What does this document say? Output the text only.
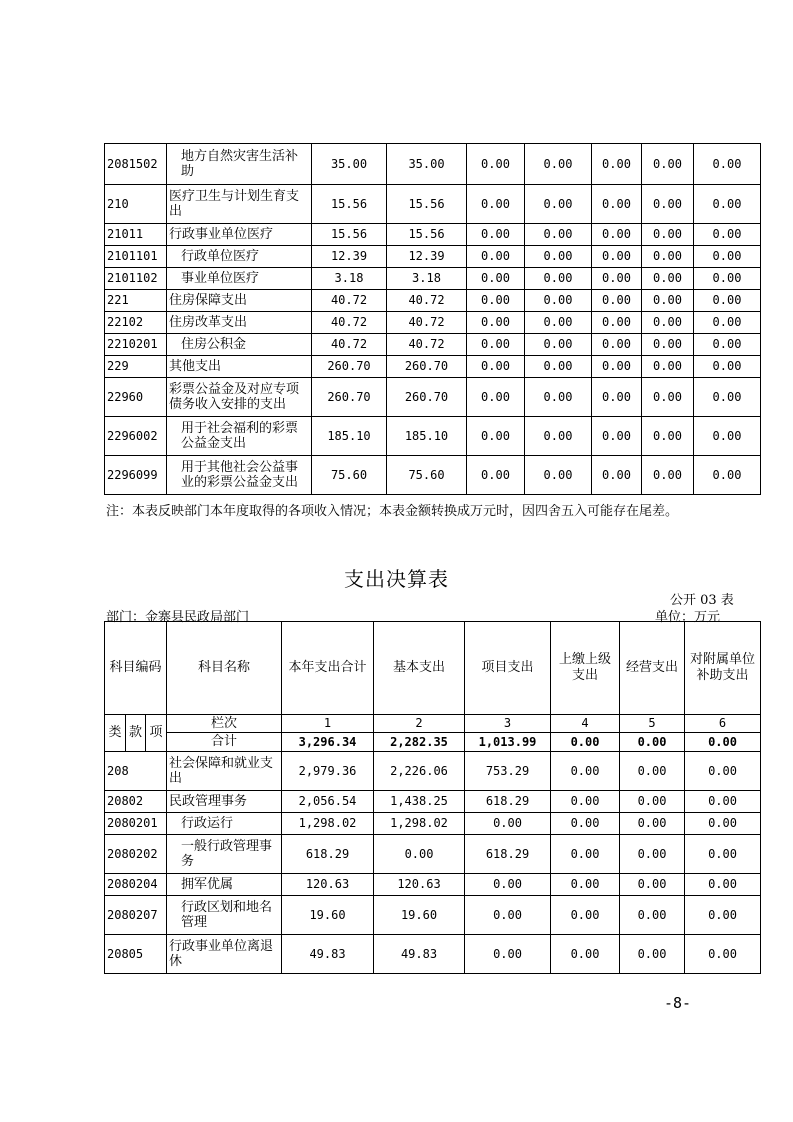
2081502	地方自然灾害生活补助	35.00	35.00	0.00	0.00	0.00	0.00	0.00
210	医疗卫生与计划生育支出	15.56	15.56	0.00	0.00	0.00	0.00	0.00
21011	行政事业单位医疗	15.56	15.56	0.00	0.00	0.00	0.00	0.00
2101101	行政单位医疗	12.39	12.39	0.00	0.00	0.00	0.00	0.00
2101102	事业单位医疗	3.18	3.18	0.00	0.00	0.00	0.00	0.00
221	住房保障支出	40.72	40.72	0.00	0.00	0.00	0.00	0.00
22102	住房改革支出	40.72	40.72	0.00	0.00	0.00	0.00	0.00
2210201	住房公积金	40.72	40.72	0.00	0.00	0.00	0.00	0.00
229	其他支出	260.70	260.70	0.00	0.00	0.00	0.00	0.00
22960	彩票公益金及对应专项债务收入安排的支出	260.70	260.70	0.00	0.00	0.00	0.00	0.00
2296002	用于社会福利的彩票公益金支出	185.10	185.10	0.00	0.00	0.00	0.00	0.00
2296099	用于其他社会公益事业的彩票公益金支出	75.60	75.60	0.00	0.00	0.00	0.00	0.00
注：本表反映部门本年度取得的各项收入情况；本表金额转换成万元时，因四舍五入可能存在尾差。
支出决算表
公开 03 表
部门：金寨县民政局部门	单位：万元
科目编码			科目名称	本年支出合计	基本支出	项目支出	上缴上级支出	经营支出	对附属单位补助支出
类	款	项	栏次	1	2	3	4	5	6
			合计	3,296.34	2,282.35	1,013.99	0.00	0.00	0.00
208			社会保障和就业支出	2,979.36	2,226.06	753.29	0.00	0.00	0.00
20802			民政管理事务	2,056.54	1,438.25	618.29	0.00	0.00	0.00
2080201			行政运行	1,298.02	1,298.02	0.00	0.00	0.00	0.00
2080202			一般行政管理事务	618.29	0.00	618.29	0.00	0.00	0.00
2080204			拥军优属	120.63	120.63	0.00	0.00	0.00	0.00
2080207			行政区划和地名管理	19.60	19.60	0.00	0.00	0.00	0.00
20805			行政事业单位离退休	49.83	49.83	0.00	0.00	0.00	0.00
-8-
